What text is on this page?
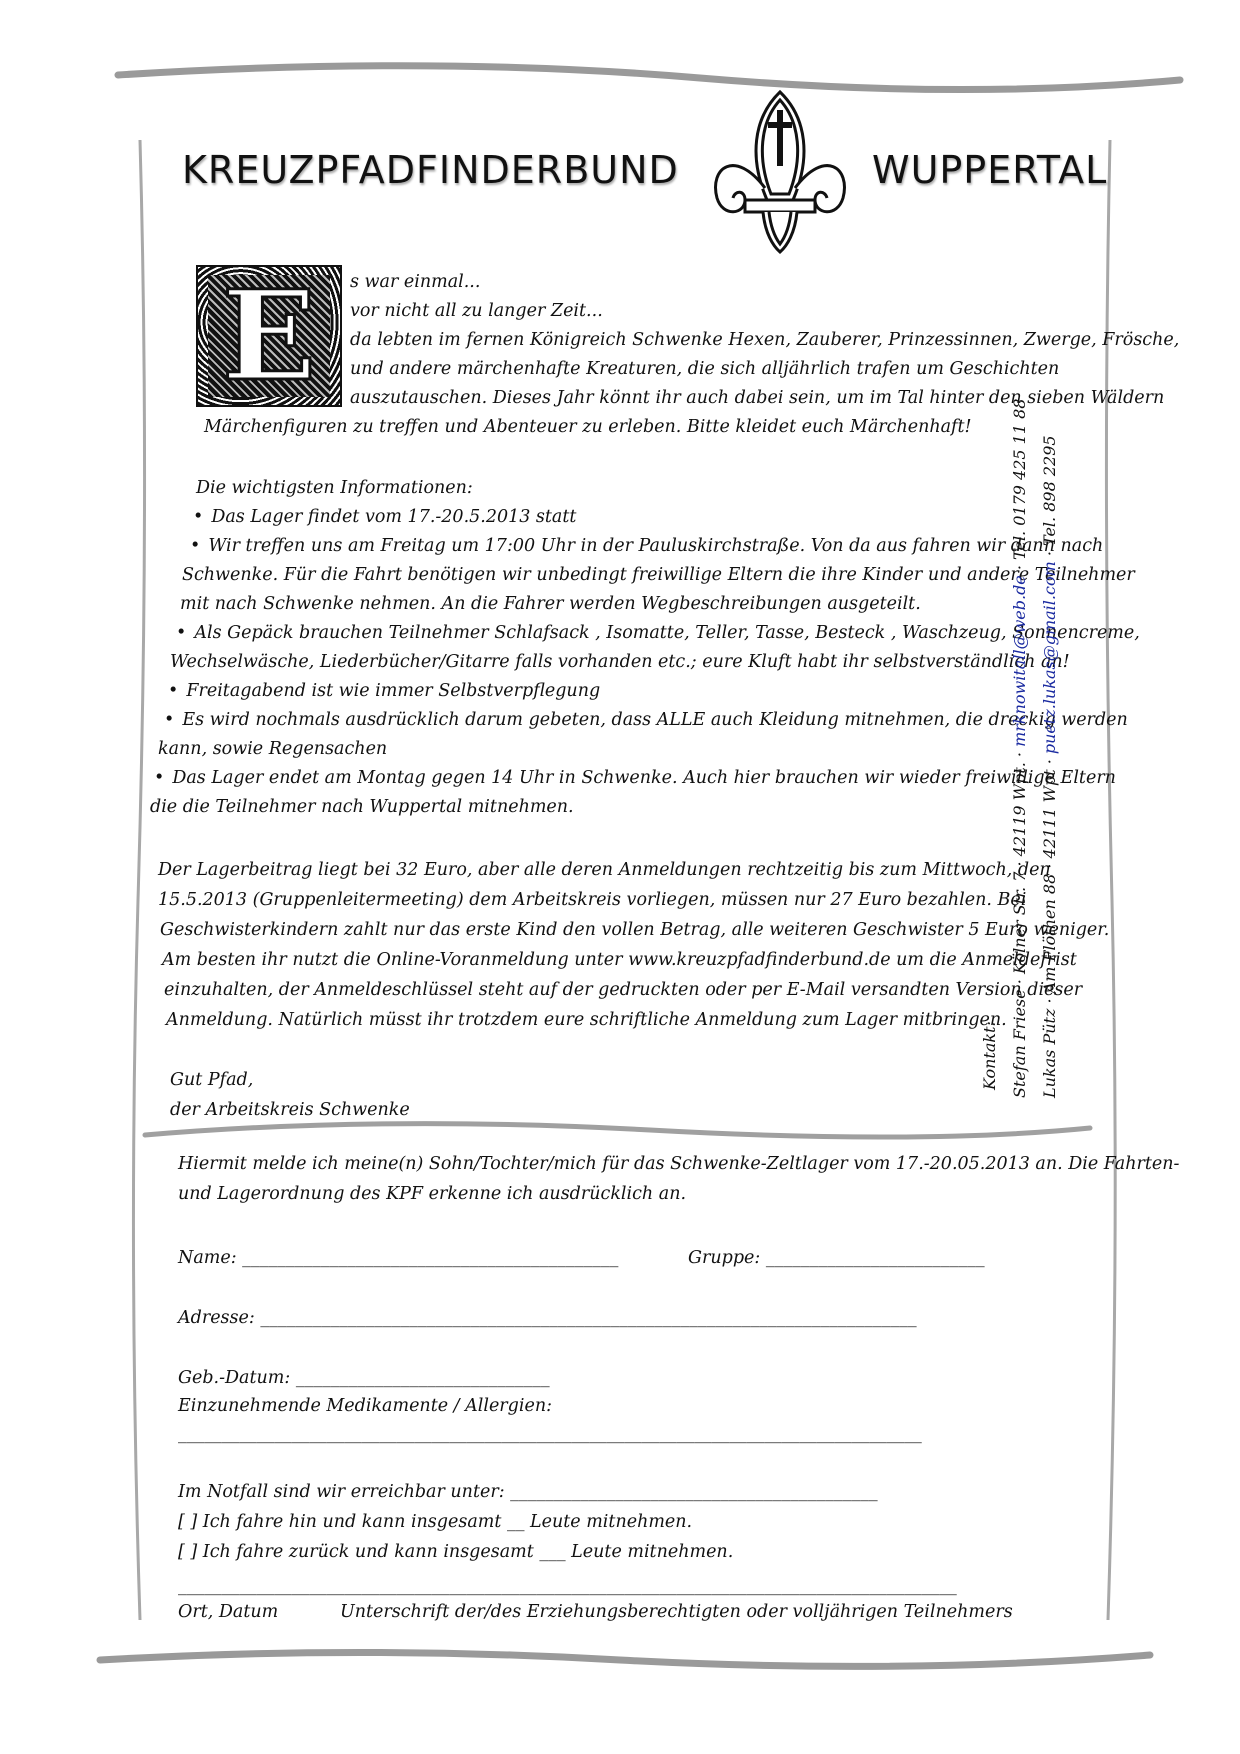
KREUZPFADFINDERBUND	WUPPERTAL
E	s war einmal...
vor nicht all zu langer Zeit...
da lebten im fernen Königreich Schwenke Hexen, Zauberer, Prinzessinnen, Zwerge, Frösche,
und andere märchenhafte Kreaturen, die sich alljährlich trafen um Geschichten
auszutauschen. Dieses Jahr könnt ihr auch dabei sein, um im Tal hinter den sieben Wäldern
Märchenfiguren zu treffen und Abenteuer zu erleben. Bitte kleidet euch Märchenhaft!
Die wichtigsten Informationen:
• Das Lager findet vom 17.-20.5.2013 statt
• Wir treffen uns am Freitag um 17:00 Uhr in der Pauluskirchstraße. Von da aus fahren wir dann nach
Schwenke. Für die Fahrt benötigen wir unbedingt freiwillige Eltern die ihre Kinder und andere Teilnehmer
mit nach Schwenke nehmen. An die Fahrer werden Wegbeschreibungen ausgeteilt.
• Als Gepäck brauchen Teilnehmer Schlafsack , Isomatte, Teller, Tasse, Besteck , Waschzeug, Sonnencreme,
Wechselwäsche, Liederbücher/Gitarre falls vorhanden etc.; eure Kluft habt ihr selbstverständlich an!
• Freitagabend ist wie immer Selbstverpflegung
• Es wird nochmals ausdrücklich darum gebeten, dass ALLE auch Kleidung mitnehmen, die dreckig werden
kann, sowie Regensachen
• Das Lager endet am Montag gegen 14 Uhr in Schwenke. Auch hier brauchen wir wieder freiwillige Eltern
die die Teilnehmer nach Wuppertal mitnehmen.
Der Lagerbeitrag liegt bei 32 Euro, aber alle deren Anmeldungen rechtzeitig bis zum Mittwoch, den
15.5.2013 (Gruppenleitermeeting) dem Arbeitskreis vorliegen, müssen nur 27 Euro bezahlen. Bei
Geschwisterkindern zahlt nur das erste Kind den vollen Betrag, alle weiteren Geschwister 5 Euro weniger.
Am besten ihr nutzt die Online-Voranmeldung unter www.kreuzpfadfinderbund.de um die Anmeldefrist
einzuhalten, der Anmeldeschlüssel steht auf der gedruckten oder per E-Mail versandten Version dieser
Anmeldung. Natürlich müsst ihr trotzdem eure schriftliche Anmeldung zum Lager mitbringen.
Gut Pfad,
der Arbeitskreis Schwenke
Kontakt: Stefan Friese · Kölner Str. 7 · 42119 Wpt. · mrknowitall@web.de · Tel. 0179 425 11 88
Lukas Pütz · Am Flöthen 88 · 42111 Wpt · puetz.lukas@gmail.com · Tel. 898 2295
Hiermit melde ich meine(n) Sohn/Tochter/mich für das Schwenke-Zeltlager vom 17.-20.05.2013 an. Die Fahrten-
und Lagerordnung des KPF erkenne ich ausdrücklich an.
Name: ___________________________________________	Gruppe: _________________________
Adresse: ___________________________________________________________________________
Geb.-Datum: _____________________________
Einzunehmende Medikamente / Allergien:
_____________________________________________________________________________________
Im Notfall sind wir erreichbar unter: __________________________________________
[ ] Ich fahre hin und kann insgesamt __ Leute mitnehmen.
[ ] Ich fahre zurück und kann insgesamt ___ Leute mitnehmen.
_________________________________________________________________________________________
Ort, Datum	Unterschrift der/des Erziehungsberechtigten oder volljährigen Teilnehmers
